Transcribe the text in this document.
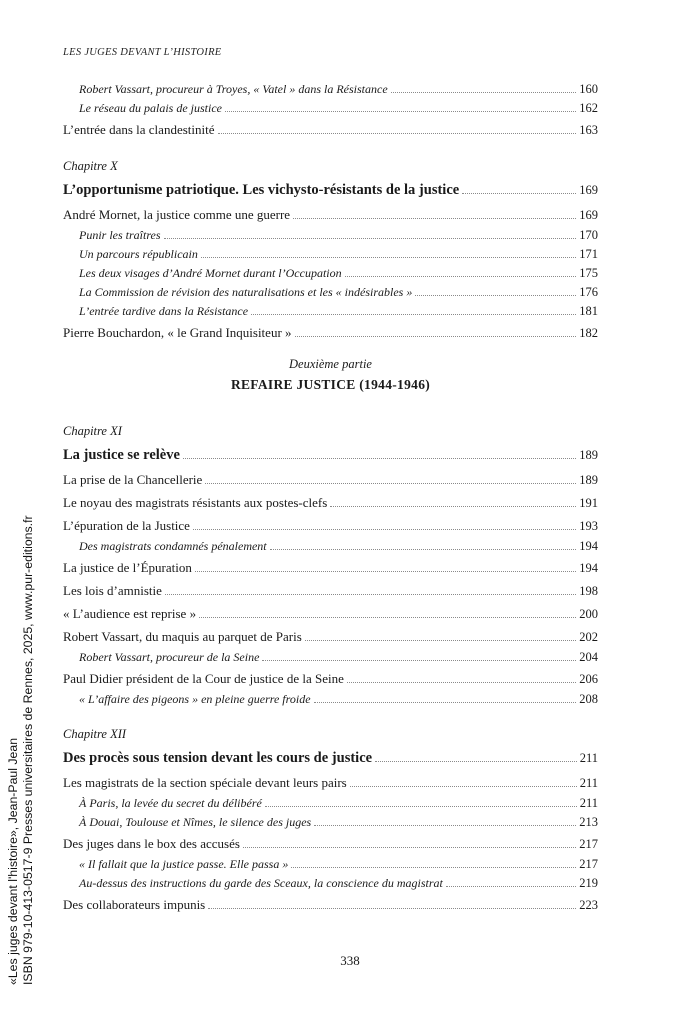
LES JUGES DEVANT L’HISTOIRE
Robert Vassart, procureur à Troyes, « Vatel » dans la Résistance	160
Le réseau du palais de justice	162
L’entrée dans la clandestinité	163
Chapitre X
L’opportunisme patriotique. Les vichysto-résistants de la justice	169
André Mornet, la justice comme une guerre	169
Punir les traîtres	170
Un parcours républicain	171
Les deux visages d’André Mornet durant l’Occupation	175
La Commission de révision des naturalisations et les « indésirables »	176
L’entrée tardive dans la Résistance	181
Pierre Bouchardon, « le Grand Inquisiteur »	182
Deuxième partie
REFAIRE JUSTICE (1944-1946)
Chapitre XI
La justice se relève	189
La prise de la Chancellerie	189
Le noyau des magistrats résistants aux postes-clefs	191
L’épuration de la Justice	193
Des magistrats condamnés pénalement	194
La justice de l’Épuration	194
Les lois d’amnistie	198
« L’audience est reprise »	200
Robert Vassart, du maquis au parquet de Paris	202
Robert Vassart, procureur de la Seine	204
Paul Didier président de la Cour de justice de la Seine	206
« L’affaire des pigeons » en pleine guerre froide	208
Chapitre XII
Des procès sous tension devant les cours de justice	211
Les magistrats de la section spéciale devant leurs pairs	211
À Paris, la levée du secret du délibéré	211
À Douai, Toulouse et Nîmes, le silence des juges	213
Des juges dans le box des accusés	217
« Il fallait que la justice passe. Elle passa »	217
Au-dessus des instructions du garde des Sceaux, la conscience du magistrat	219
Des collaborateurs impunis	223
338
«Les juges devant l'histoire», Jean-Paul Jean ISBN 979-10-413-0517-9 Presses universitaires de Rennes, 2025, www.pur-editions.fr
